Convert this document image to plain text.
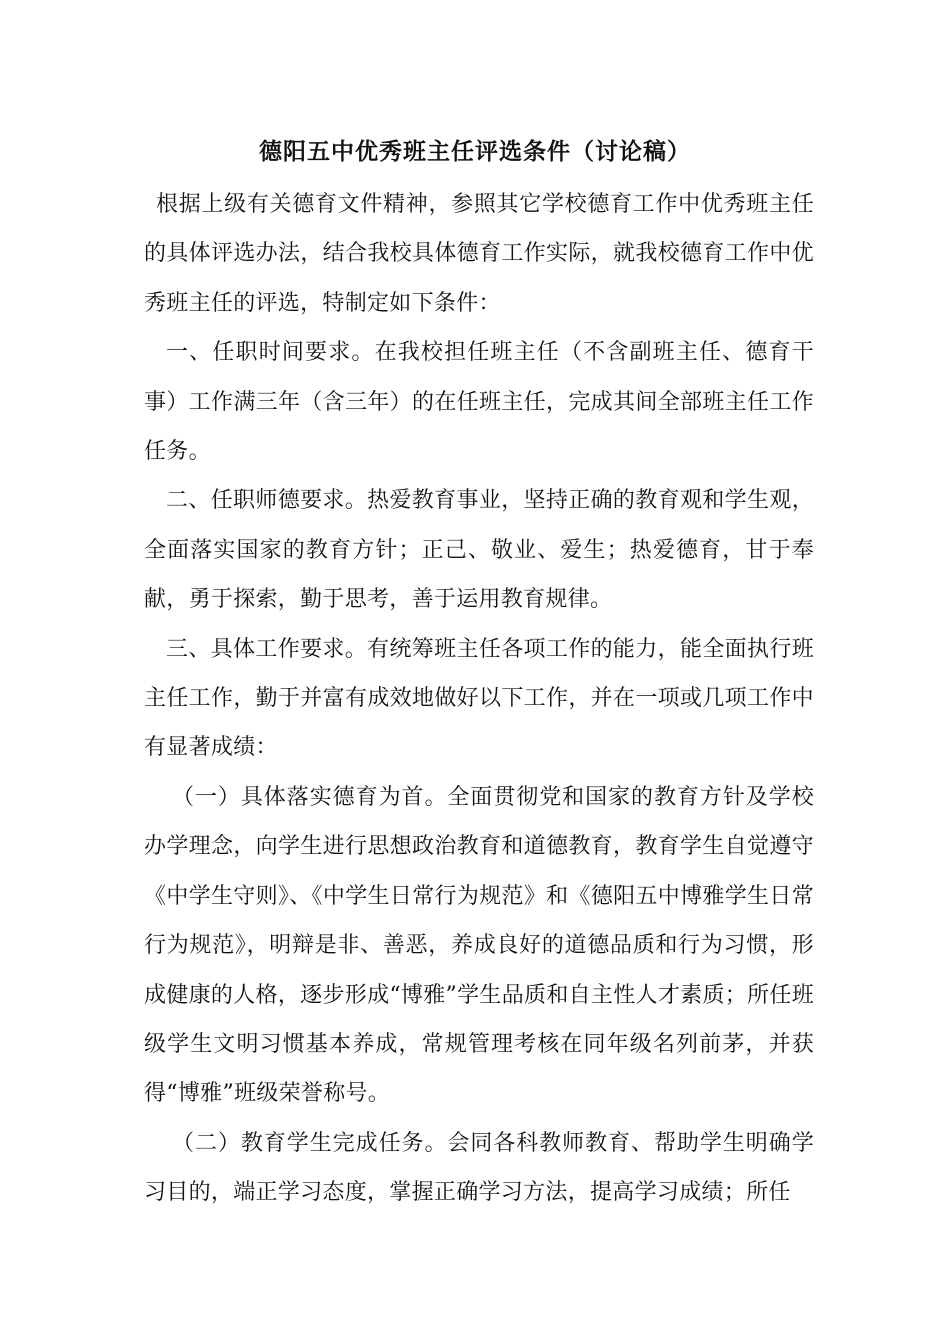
德阳五中优秀班主任评选条件（讨论稿）

根据上级有关德育文件精神，参照其它学校德育工作中优秀班主任的具体评选办法，结合我校具体德育工作实际，就我校德育工作中优秀班主任的评选，特制定如下条件：

一、任职时间要求。在我校担任班主任（不含副班主任、德育干事）工作满三年（含三年）的在任班主任，完成其间全部班主任工作任务。

二、任职师德要求。热爱教育事业，坚持正确的教育观和学生观，全面落实国家的教育方针；正己、敬业、爱生；热爱德育，甘于奉献，勇于探索，勤于思考，善于运用教育规律。

三、具体工作要求。有统筹班主任各项工作的能力，能全面执行班主任工作，勤于并富有成效地做好以下工作，并在一项或几项工作中有显著成绩：

（一）具体落实德育为首。全面贯彻党和国家的教育方针及学校办学理念，向学生进行思想政治教育和道德教育，教育学生自觉遵守《中学生守则》、《中学生日常行为规范》和《德阳五中博雅学生日常行为规范》，明辩是非、善恶，养成良好的道德品质和行为习惯，形成健康的人格，逐步形成“博雅”学生品质和自主性人才素质；所任班级学生文明习惯基本养成，常规管理考核在同年级名列前茅，并获得“博雅”班级荣誉称号。

（二）教育学生完成任务。会同各科教师教育、帮助学生明确学习目的，端正学习态度，掌握正确学习方法，提高学习成绩；所任
